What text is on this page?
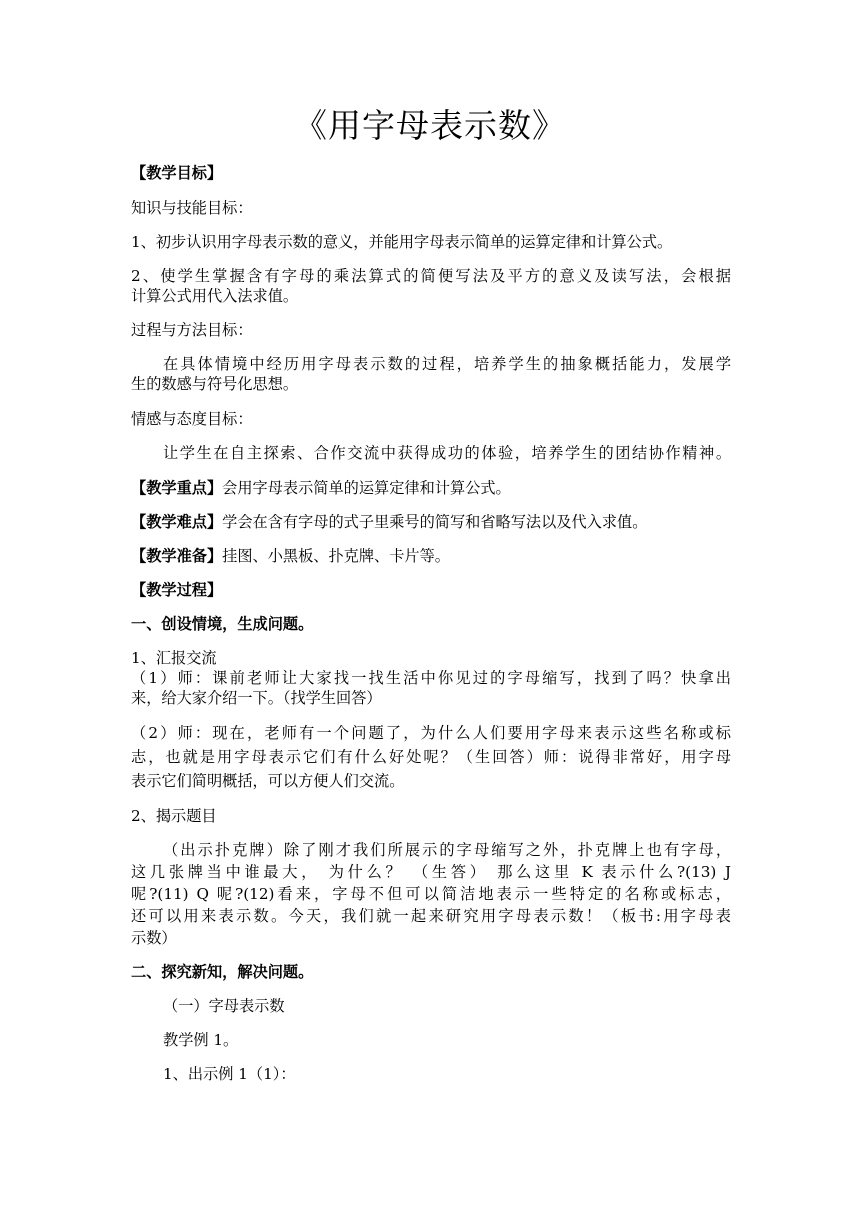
《用字母表示数》
【教学目标】
知识与技能目标：
1、初步认识用字母表示数的意义，并能用字母表示简单的运算定律和计算公式。
2、使学生掌握含有字母的乘法算式的简便写法及平方的意义及读写法，会根据
计算公式用代入法求值。
过程与方法目标：
在具体情境中经历用字母表示数的过程，培养学生的抽象概括能力，发展学
生的数感与符号化思想。
情感与态度目标：
让学生在自主探索、合作交流中获得成功的体验，培养学生的团结协作精神。
【教学重点】会用字母表示简单的运算定律和计算公式。
【教学难点】学会在含有字母的式子里乘号的简写和省略写法以及代入求值。
【教学准备】挂图、小黑板、扑克牌、卡片等。
【教学过程】
一、创设情境，生成问题。
1、汇报交流
（1）师：课前老师让大家找一找生活中你见过的字母缩写，找到了吗？快拿出
来，给大家介绍一下。（找学生回答）
（2）师：现在，老师有一个问题了，为什么人们要用字母来表示这些名称或标
志，也就是用字母表示它们有什么好处呢？（生回答）师：说得非常好，用字母
表示它们简明概括，可以方便人们交流。
2、揭示题目
（出示扑克牌）除了刚才我们所展示的字母缩写之外，扑克牌上也有字母，
这几张牌当中谁最大， 为什么？ （生答） 那么这里 K 表示什么?(13) J
呢?(11) Q 呢?(12)看来，字母不但可以简洁地表示一些特定的名称或标志，
还可以用来表示数。今天，我们就一起来研究用字母表示数！（板书:用字母表
示数）
二、探究新知，解决问题。
（一）字母表示数
教学例 1。
1、出示例 1（1）：
